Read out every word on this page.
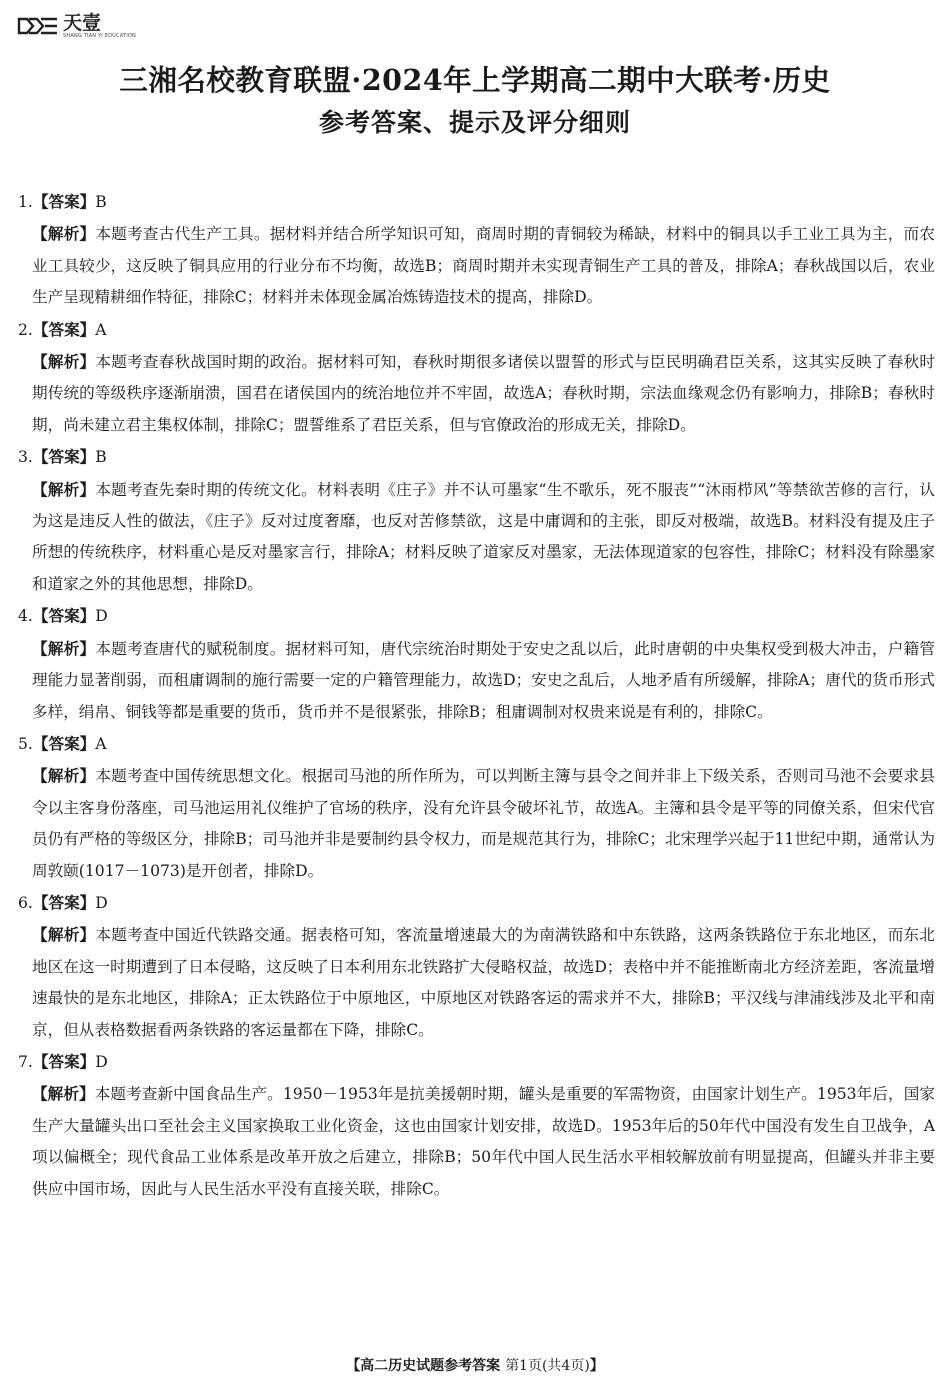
天壹
SHANG TIAN YI EDUCATION
三湘名校教育联盟·2024年上学期高二期中大联考·历史
参考答案、提示及评分细则

1.【答案】B

【解析】本题考查古代生产工具。据材料并结合所学知识可知，商周时期的青铜较为稀缺，材料中的铜具以手工业工具为主，而农业工具较少，这反映了铜具应用的行业分布不均衡，故选B；商周时期并未实现青铜生产工具的普及，排除A；春秋战国以后，农业生产呈现精耕细作特征，排除C；材料并未体现金属冶炼铸造技术的提高，排除D。

2.【答案】A

【解析】本题考查春秋战国时期的政治。据材料可知，春秋时期很多诸侯以盟誓的形式与臣民明确君臣关系，这其实反映了春秋时期传统的等级秩序逐渐崩溃，国君在诸侯国内的统治地位并不牢固，故选A；春秋时期，宗法血缘观念仍有影响力，排除B；春秋时期，尚未建立君主集权体制，排除C；盟誓维系了君臣关系，但与官僚政治的形成无关，排除D。

3.【答案】B

【解析】本题考查先秦时期的传统文化。材料表明《庄子》并不认可墨家“生不歌乐，死不服丧”“沐雨栉风”等禁欲苦修的言行，认为这是违反人性的做法，《庄子》反对过度奢靡，也反对苦修禁欲，这是中庸调和的主张，即反对极端，故选B。材料没有提及庄子所想的传统秩序，材料重心是反对墨家言行，排除A；材料反映了道家反对墨家，无法体现道家的包容性，排除C；材料没有除墨家和道家之外的其他思想，排除D。

4.【答案】D

【解析】本题考查唐代的赋税制度。据材料可知，唐代宗统治时期处于安史之乱以后，此时唐朝的中央集权受到极大冲击，户籍管理能力显著削弱，而租庸调制的施行需要一定的户籍管理能力，故选D；安史之乱后，人地矛盾有所缓解，排除A；唐代的货币形式多样，绢帛、铜钱等都是重要的货币，货币并不是很紧张，排除B；租庸调制对权贵来说是有利的，排除C。

5.【答案】A

【解析】本题考查中国传统思想文化。根据司马池的所作所为，可以判断主簿与县令之间并非上下级关系，否则司马池不会要求县令以主客身份落座，司马池运用礼仪维护了官场的秩序，没有允许县令破坏礼节，故选A。主簿和县令是平等的同僚关系，但宋代官员仍有严格的等级区分，排除B；司马池并非是要制约县令权力，而是规范其行为，排除C；北宋理学兴起于11世纪中期，通常认为周敦颐(1017－1073)是开创者，排除D。

6.【答案】D

【解析】本题考查中国近代铁路交通。据表格可知，客流量增速最大的为南满铁路和中东铁路，这两条铁路位于东北地区，而东北地区在这一时期遭到了日本侵略，这反映了日本利用东北铁路扩大侵略权益，故选D；表格中并不能推断南北方经济差距，客流量增速最快的是东北地区，排除A；正太铁路位于中原地区，中原地区对铁路客运的需求并不大，排除B；平汉线与津浦线涉及北平和南京，但从表格数据看两条铁路的客运量都在下降，排除C。

7.【答案】D

【解析】本题考查新中国食品生产。1950－1953年是抗美援朝时期，罐头是重要的军需物资，由国家计划生产。1953年后，国家生产大量罐头出口至社会主义国家换取工业化资金，这也由国家计划安排，故选D。1953年后的50年代中国没有发生自卫战争，A项以偏概全；现代食品工业体系是改革开放之后建立，排除B；50年代中国人民生活水平相较解放前有明显提高，但罐头并非主要供应中国市场，因此与人民生活水平没有直接关联，排除C。

【高二历史试题参考答案 第1页(共4页)】
